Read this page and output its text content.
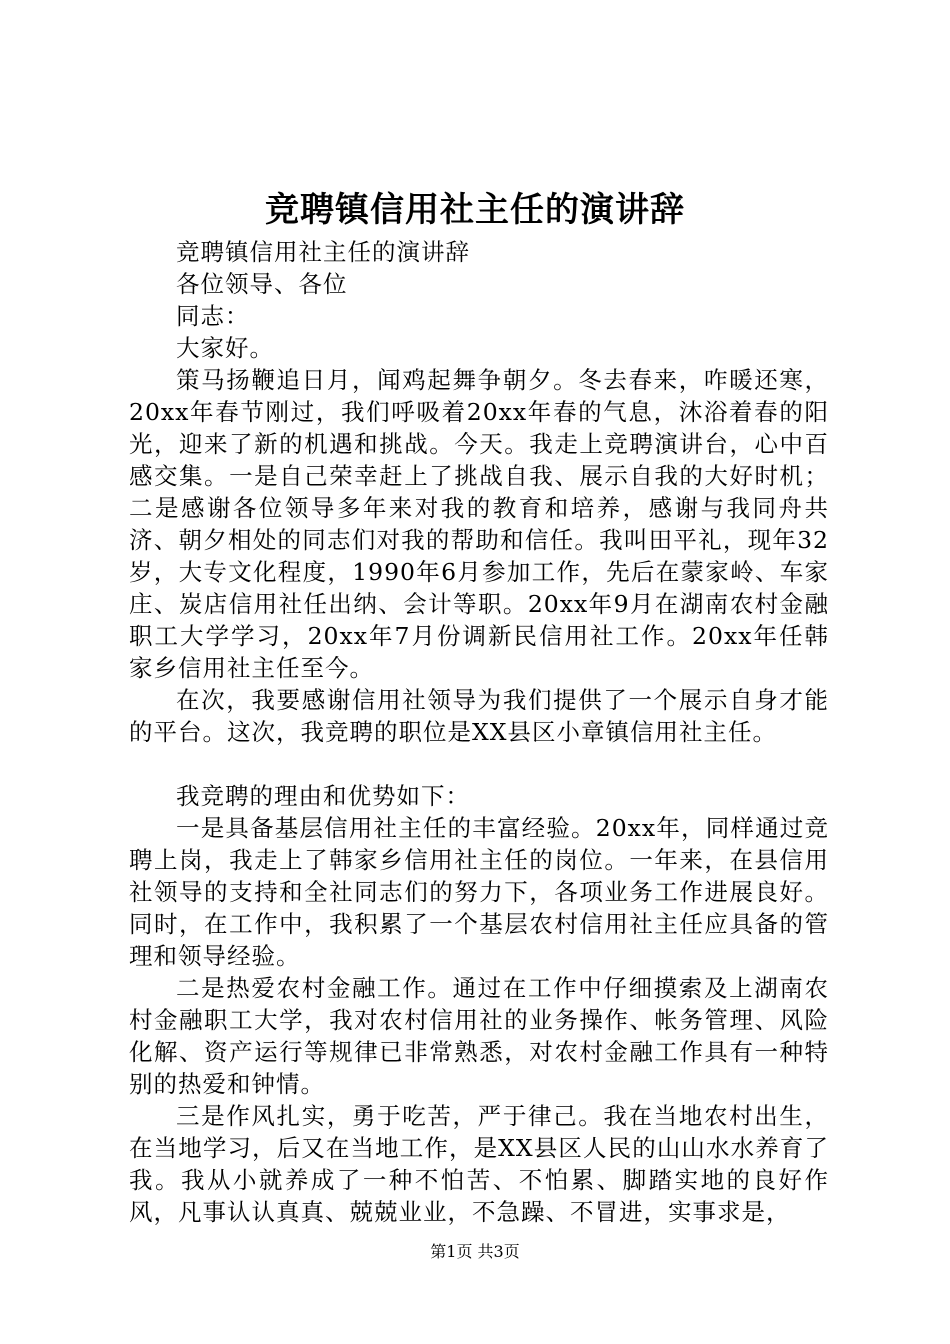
竞聘镇信用社主任的演讲辞

竞聘镇信用社主任的演讲辞

各位领导、各位

同志：

大家好。

策马扬鞭追日月，闻鸡起舞争朝夕。冬去春来，咋暖还寒，20xx年春节刚过，我们呼吸着20xx年春的气息，沐浴着春的阳光，迎来了新的机遇和挑战。今天。我走上竞聘演讲台，心中百感交集。一是自己荣幸赶上了挑战自我、展示自我的大好时机；二是感谢各位领导多年来对我的教育和培养，感谢与我同舟共济、朝夕相处的同志们对我的帮助和信任。我叫田平礼，现年32岁，大专文化程度，1990年6月参加工作，先后在蒙家岭、车家庄、炭店信用社任出纳、会计等职。20xx年9月在湖南农村金融职工大学学习，20xx年7月份调新民信用社工作。20xx年任韩家乡信用社主任至今。

在次，我要感谢信用社领导为我们提供了一个展示自身才能的平台。这次，我竞聘的职位是XX县区小章镇信用社主任。

我竞聘的理由和优势如下：

一是具备基层信用社主任的丰富经验。20xx年，同样通过竞聘上岗，我走上了韩家乡信用社主任的岗位。一年来，在县信用社领导的支持和全社同志们的努力下，各项业务工作进展良好。同时，在工作中，我积累了一个基层农村信用社主任应具备的管理和领导经验。

二是热爱农村金融工作。通过在工作中仔细摸索及上湖南农村金融职工大学，我对农村信用社的业务操作、帐务管理、风险化解、资产运行等规律已非常熟悉，对农村金融工作具有一种特别的热爱和钟情。

三是作风扎实，勇于吃苦，严于律己。我在当地农村出生，在当地学习，后又在当地工作，是XX县区人民的山山水水养育了我。我从小就养成了一种不怕苦、不怕累、脚踏实地的良好作风，凡事认认真真、兢兢业业，不急躁、不冒进，实事求是，

第1页 共3页
